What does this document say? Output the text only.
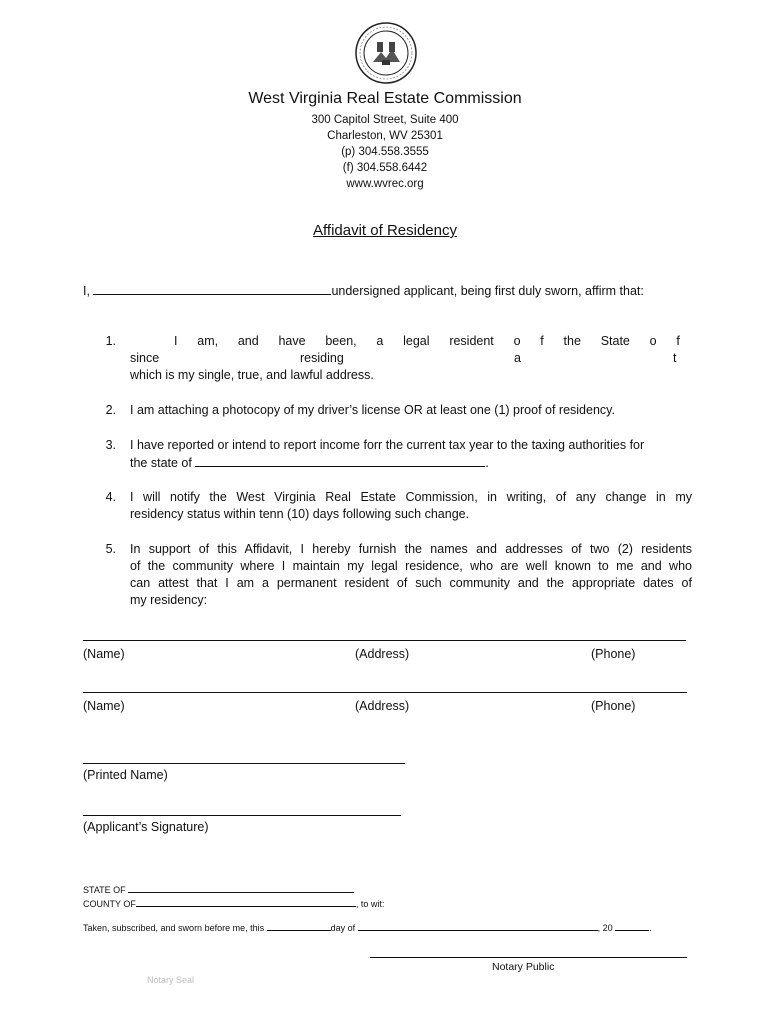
West Virginia Real Estate Commission
300 Capitol Street, Suite 400
Charleston, WV 25301
(p) 304.558.3555
(f) 304.558.6442
www.wvrec.org
Affidavit of Residency
I,	undersigned applicant, being first duly sworn, affirm that:
1.	I am, and have been, a legal resident o f the State o f
since	residing	a	t
which is my single, true, and lawful address.
2. I am attaching a photocopy of my driver’s license OR at least one (1) proof of residency.
3. I have reported or intend to report income forr the current tax year to the taxing authorities for
the state of	.
4. I will notify the West Virginia Real Estate Commission, in writing, of any change in my
residency status within tenn (10) days following such change.
5. In support of this Affidavit, I hereby furnish the names and addresses of two (2) residents
of the community where I maintain my legal residence, who are well known to me and who
can attest that I am a permanent resident of such community and the appropriate dates of
my residency:
(Name)	(Address)	(Phone)
(Name)	(Address)	(Phone)
(Printed Name)
(Applicant’s Signature)
STATE OF
COUNTY OF	, to wit:
Taken, subscribed, and sworn before me, this	day of	, 20	.
Notary Public
Notary Seal
